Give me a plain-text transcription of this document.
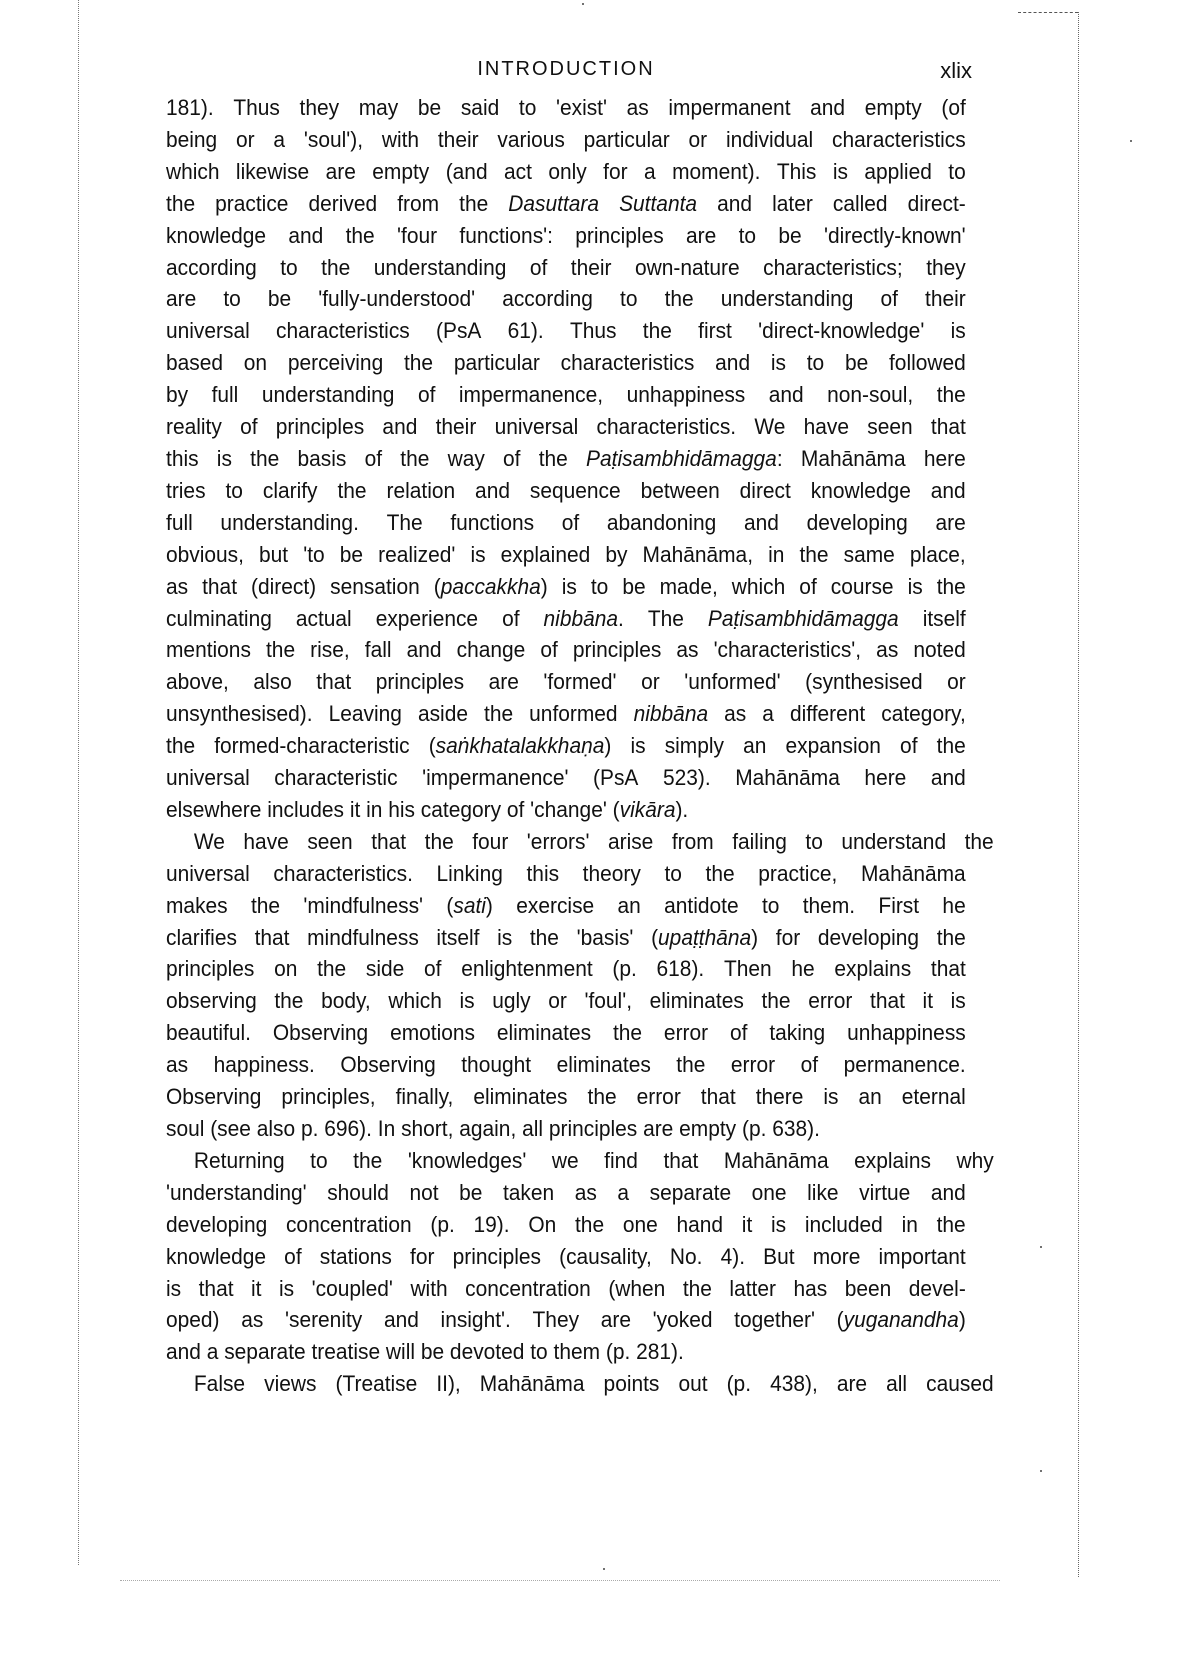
INTRODUCTION	xlix
181). Thus they may be said to 'exist' as impermanent and empty (of
being or a 'soul'), with their various particular or individual characteristics
which likewise are empty (and act only for a moment). This is applied to
the practice derived from the Dasuttara Suttanta and later called direct-
knowledge and the 'four functions': principles are to be 'directly-known'
according to the understanding of their own-nature characteristics; they
are to be 'fully-understood' according to the understanding of their
universal characteristics (PsA 61). Thus the first 'direct-knowledge' is
based on perceiving the particular characteristics and is to be followed
by full understanding of impermanence, unhappiness and non-soul, the
reality of principles and their universal characteristics. We have seen that
this is the basis of the way of the Paṭisambhidāmagga: Mahānāma here
tries to clarify the relation and sequence between direct knowledge and
full understanding. The functions of abandoning and developing are
obvious, but 'to be realized' is explained by Mahānāma, in the same place,
as that (direct) sensation (paccakkha) is to be made, which of course is the
culminating actual experience of nibbāna. The Paṭisambhidāmagga itself
mentions the rise, fall and change of principles as 'characteristics', as noted
above, also that principles are 'formed' or 'unformed' (synthesised or
unsynthesised). Leaving aside the unformed nibbāna as a different category,
the formed-characteristic (saṅkhatalakkhaṇa) is simply an expansion of the
universal characteristic 'impermanence' (PsA 523). Mahānāma here and
elsewhere
includes
it
in
his
category
of
'change'
(vikāra).
We have seen that the four 'errors' arise from failing to understand the
universal characteristics. Linking this theory to the practice, Mahānāma
makes the 'mindfulness' (sati) exercise an antidote to them. First he
clarifies that mindfulness itself is the 'basis' (upaṭṭhāna) for developing the
principles on the side of enlightenment (p. 618). Then he explains that
observing the body, which is ugly or 'foul', eliminates the error that it is
beautiful. Observing emotions eliminates the error of taking unhappiness
as happiness. Observing thought eliminates the error of permanence.
Observing principles, finally, eliminates the error that there is an eternal
soul
(see
also
p.
696).
In
short,
again,
all
principles
are
empty
(p.
638).
Returning to the 'knowledges' we find that Mahānāma explains why
'understanding' should not be taken as a separate one like virtue and
developing concentration (p. 19). On the one hand it is included in the
knowledge of stations for principles (causality, No. 4). But more important
is that it is 'coupled' with concentration (when the latter has been devel-
oped) as 'serenity and insight'. They are 'yoked together' (yuganandha)
and
a
separate
treatise
will
be
devoted
to
them
(p.
281).
False views (Treatise II), Mahānāma points out (p. 438), are all caused
